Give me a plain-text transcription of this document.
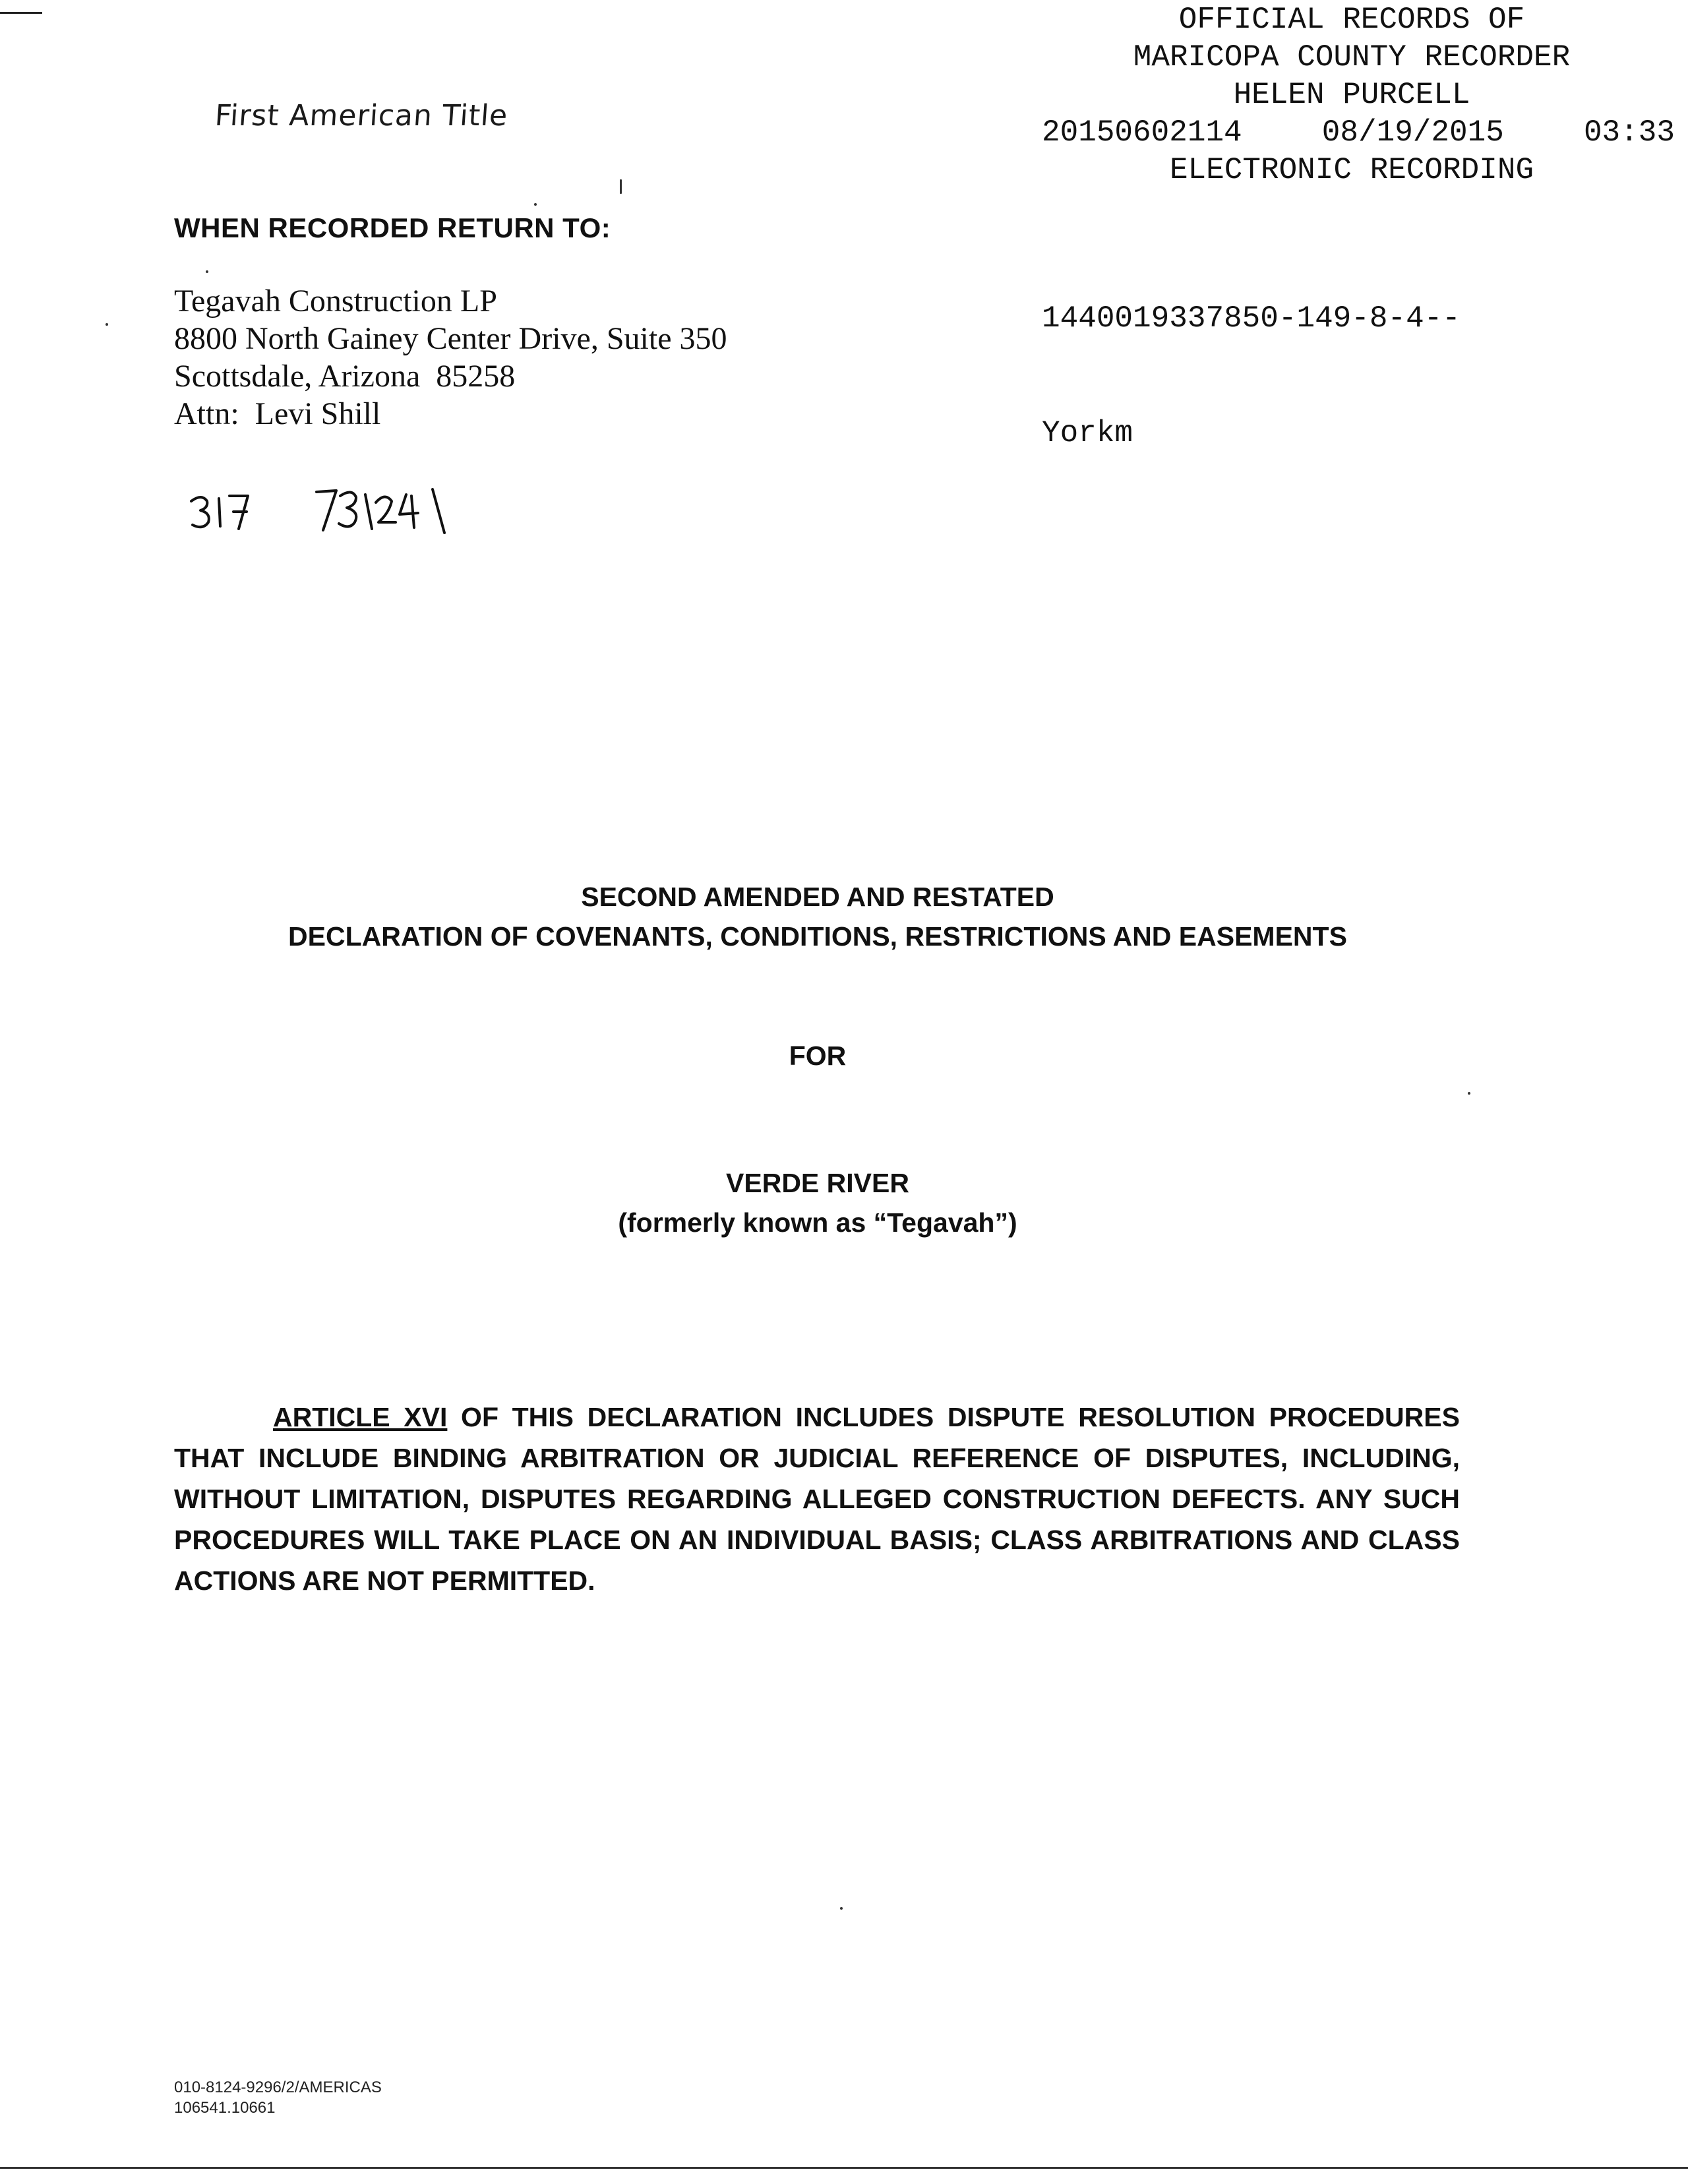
First American Title
OFFICIAL RECORDS OF
MARICOPA COUNTY RECORDER
HELEN PURCELL
20150602114	08/19/2015	03:33
ELECTRONIC RECORDING

1440019337850-149-8-4--

Yorkm

WHEN RECORDED RETURN TO:
Tegavah Construction LP
8800 North Gainey Center Drive, Suite 350
Scottsdale, Arizona  85258
Attn:  Levi Shill
317 731241
SECOND AMENDED AND RESTATED
DECLARATION OF COVENANTS, CONDITIONS, RESTRICTIONS AND EASEMENTS
FOR
VERDE RIVER
(formerly known as “Tegavah”)
ARTICLE XVI OF THIS DECLARATION INCLUDES DISPUTE RESOLUTION PROCEDURES THAT INCLUDE BINDING ARBITRATION OR JUDICIAL REFERENCE OF DISPUTES, INCLUDING, WITHOUT LIMITATION, DISPUTES REGARDING ALLEGED CONSTRUCTION DEFECTS. ANY SUCH PROCEDURES WILL TAKE PLACE ON AN INDIVIDUAL BASIS; CLASS ARBITRATIONS AND CLASS ACTIONS ARE NOT PERMITTED.
010-8124-9296/2/AMERICAS
106541.10661
